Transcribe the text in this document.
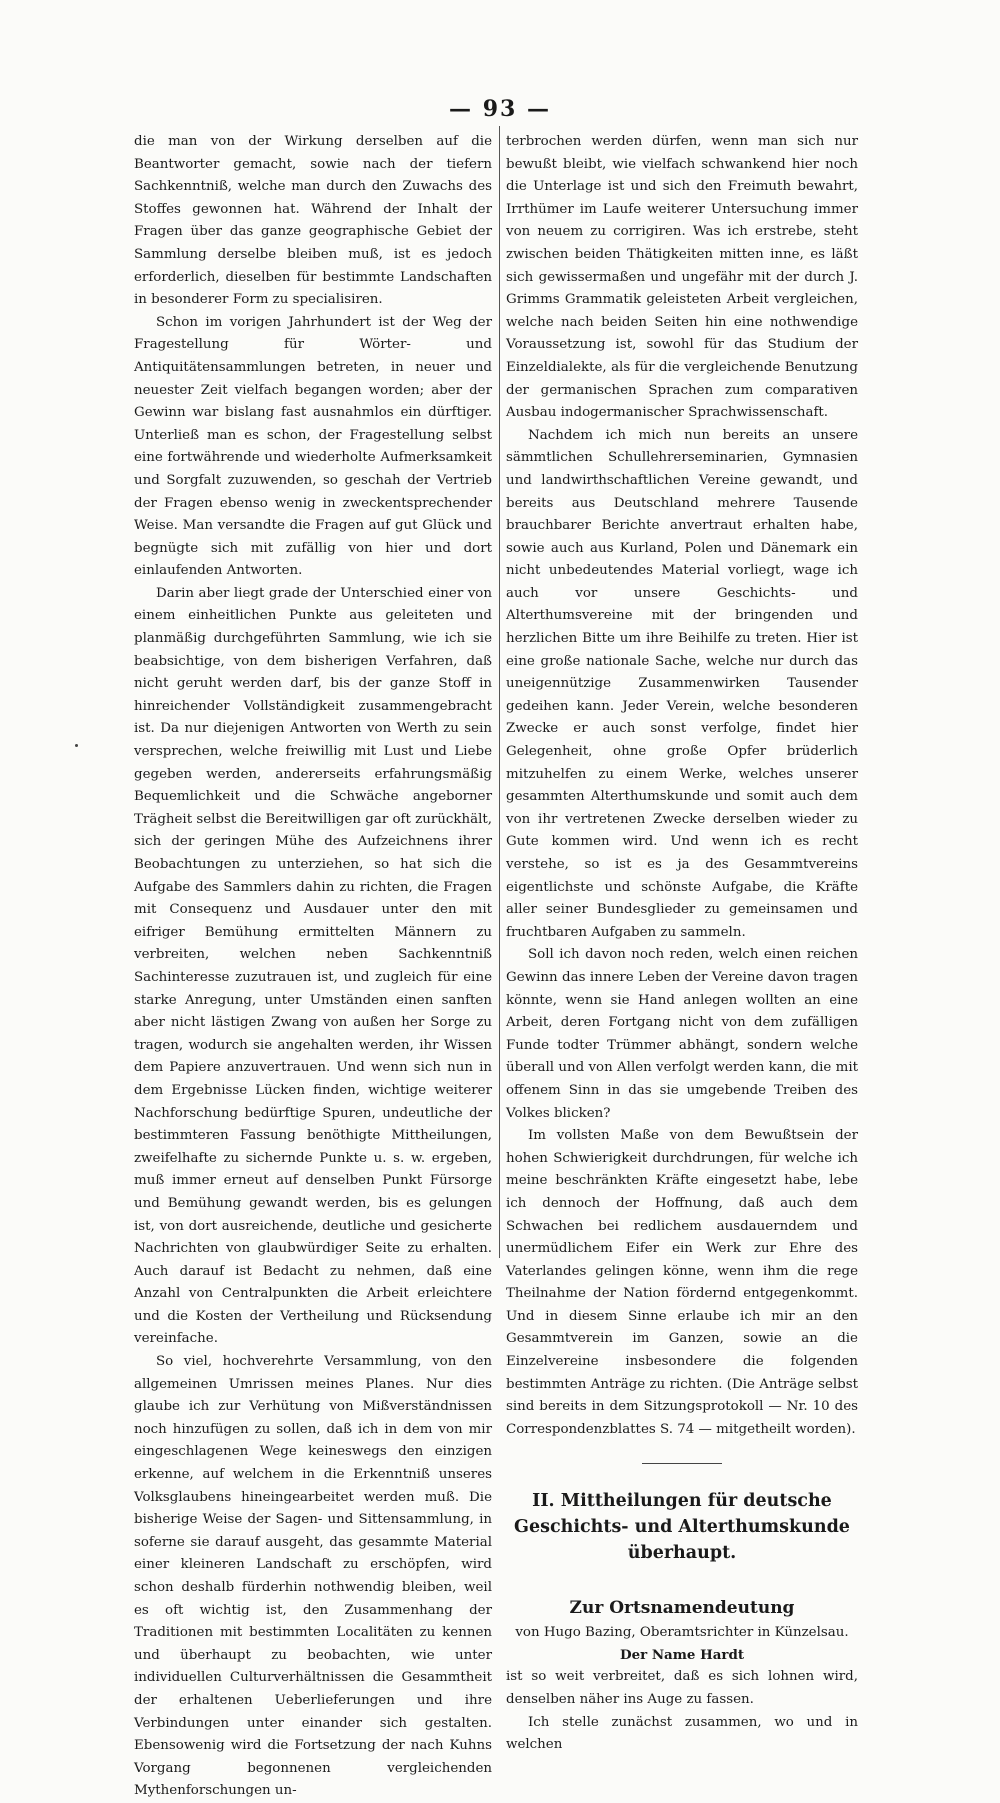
— 93 —

die man von der Wirkung derselben auf die Beantworter gemacht, sowie nach der tiefern Sachkenntniß, welche man durch den Zuwachs des Stoffes gewonnen hat. Während der Inhalt der Fragen über das ganze geographische Gebiet der Sammlung derselbe bleiben muß, ist es jedoch erforderlich, dieselben für bestimmte Landschaften in besonderer Form zu specialisiren.

Schon im vorigen Jahrhundert ist der Weg der Fragestellung für Wörter- und Antiquitätensammlungen betreten, in neuer und neuester Zeit vielfach begangen worden; aber der Gewinn war bislang fast ausnahmlos ein dürftiger. Unterließ man es schon, der Fragestellung selbst eine fortwährende und wiederholte Aufmerksamkeit und Sorgfalt zuzuwenden, so geschah der Vertrieb der Fragen ebenso wenig in zweckentsprechender Weise. Man versandte die Fragen auf gut Glück und begnügte sich mit zufällig von hier und dort einlaufenden Antworten.

Darin aber liegt grade der Unterschied einer von einem einheitlichen Punkte aus geleiteten und planmäßig durchgeführten Sammlung, wie ich sie beabsichtige, von dem bisherigen Verfahren, daß nicht geruht werden darf, bis der ganze Stoff in hinreichender Vollständigkeit zusammengebracht ist. Da nur diejenigen Antworten von Werth zu sein versprechen, welche freiwillig mit Lust und Liebe gegeben werden, andererseits erfahrungsmäßig Bequemlichkeit und die Schwäche angeborner Trägheit selbst die Bereitwilligen gar oft zurückhält, sich der geringen Mühe des Aufzeichnens ihrer Beobachtungen zu unterziehen, so hat sich die Aufgabe des Sammlers dahin zu richten, die Fragen mit Consequenz und Ausdauer unter den mit eifriger Bemühung ermittelten Männern zu verbreiten, welchen neben Sachkenntniß Sachinteresse zuzutrauen ist, und zugleich für eine starke Anregung, unter Umständen einen sanften aber nicht lästigen Zwang von außen her Sorge zu tragen, wodurch sie angehalten werden, ihr Wissen dem Papiere anzuvertrauen. Und wenn sich nun in dem Ergebnisse Lücken finden, wichtige weiterer Nachforschung bedürftige Spuren, undeutliche der bestimmteren Fassung benöthigte Mittheilungen, zweifelhafte zu sichernde Punkte u. s. w. ergeben, muß immer erneut auf denselben Punkt Fürsorge und Bemühung gewandt werden, bis es gelungen ist, von dort ausreichende, deutliche und gesicherte Nachrichten von glaubwürdiger Seite zu erhalten. Auch darauf ist Bedacht zu nehmen, daß eine Anzahl von Centralpunkten die Arbeit erleichtere und die Kosten der Vertheilung und Rücksendung vereinfache.

So viel, hochverehrte Versammlung, von den allgemeinen Umrissen meines Planes. Nur dies glaube ich zur Verhütung von Mißverständnissen noch hinzufügen zu sollen, daß ich in dem von mir eingeschlagenen Wege keineswegs den einzigen erkenne, auf welchem in die Erkenntniß unseres Volksglaubens hineingearbeitet werden muß. Die bisherige Weise der Sagen- und Sittensammlung, in soferne sie darauf ausgeht, das gesammte Material einer kleineren Landschaft zu erschöpfen, wird schon deshalb fürderhin nothwendig bleiben, weil es oft wichtig ist, den Zusammenhang der Traditionen mit bestimmten Localitäten zu kennen und überhaupt zu beobachten, wie unter individuellen Culturverhältnissen die Gesammtheit der erhaltenen Ueberlieferungen und ihre Verbindungen unter einander sich gestalten. Ebensowenig wird die Fortsetzung der nach Kuhns Vorgang begonnenen vergleichenden Mythenforschungen un-

terbrochen werden dürfen, wenn man sich nur bewußt bleibt, wie vielfach schwankend hier noch die Unterlage ist und sich den Freimuth bewahrt, Irrthümer im Laufe weiterer Untersuchung immer von neuem zu corrigiren. Was ich erstrebe, steht zwischen beiden Thätigkeiten mitten inne, es läßt sich gewissermaßen und ungefähr mit der durch J. Grimms Grammatik geleisteten Arbeit vergleichen, welche nach beiden Seiten hin eine nothwendige Voraussetzung ist, sowohl für das Studium der Einzeldialekte, als für die vergleichende Benutzung der germanischen Sprachen zum comparativen Ausbau indogermanischer Sprachwissenschaft.

Nachdem ich mich nun bereits an unsere sämmtlichen Schullehrerseminarien, Gymnasien und landwirthschaftlichen Vereine gewandt, und bereits aus Deutschland mehrere Tausende brauchbarer Berichte anvertraut erhalten habe, sowie auch aus Kurland, Polen und Dänemark ein nicht unbedeutendes Material vorliegt, wage ich auch vor unsere Geschichts- und Alterthumsvereine mit der bringenden und herzlichen Bitte um ihre Beihilfe zu treten. Hier ist eine große nationale Sache, welche nur durch das uneigennützige Zusammenwirken Tausender gedeihen kann. Jeder Verein, welche besonderen Zwecke er auch sonst verfolge, findet hier Gelegenheit, ohne große Opfer brüderlich mitzuhelfen zu einem Werke, welches unserer gesammten Alterthumskunde und somit auch dem von ihr vertretenen Zwecke derselben wieder zu Gute kommen wird. Und wenn ich es recht verstehe, so ist es ja des Gesammtvereins eigentlichste und schönste Aufgabe, die Kräfte aller seiner Bundesglieder zu gemeinsamen und fruchtbaren Aufgaben zu sammeln.

Soll ich davon noch reden, welch einen reichen Gewinn das innere Leben der Vereine davon tragen könnte, wenn sie Hand anlegen wollten an eine Arbeit, deren Fortgang nicht von dem zufälligen Funde todter Trümmer abhängt, sondern welche überall und von Allen verfolgt werden kann, die mit offenem Sinn in das sie umgebende Treiben des Volkes blicken?

Im vollsten Maße von dem Bewußtsein der hohen Schwierigkeit durchdrungen, für welche ich meine beschränkten Kräfte eingesetzt habe, lebe ich dennoch der Hoffnung, daß auch dem Schwachen bei redlichem ausdauerndem und unermüdlichem Eifer ein Werk zur Ehre des Vaterlandes gelingen könne, wenn ihm die rege Theilnahme der Nation fördernd entgegenkommt. Und in diesem Sinne erlaube ich mir an den Gesammtverein im Ganzen, sowie an die Einzelvereine insbesondere die folgenden bestimmten Anträge zu richten. (Die Anträge selbst sind bereits in dem Sitzungsprotokoll — Nr. 10 des Correspondenzblattes S. 74 — mitgetheilt worden).

II. Mittheilungen für deutsche Geschichts- und Alterthumskunde überhaupt.
Zur Ortsnamendeutung
von Hugo Bazing, Oberamtsrichter in Künzelsau.
Der Name Hardt

ist so weit verbreitet, daß es sich lohnen wird, denselben näher ins Auge zu fassen.

Ich stelle zunächst zusammen, wo und in welchen
